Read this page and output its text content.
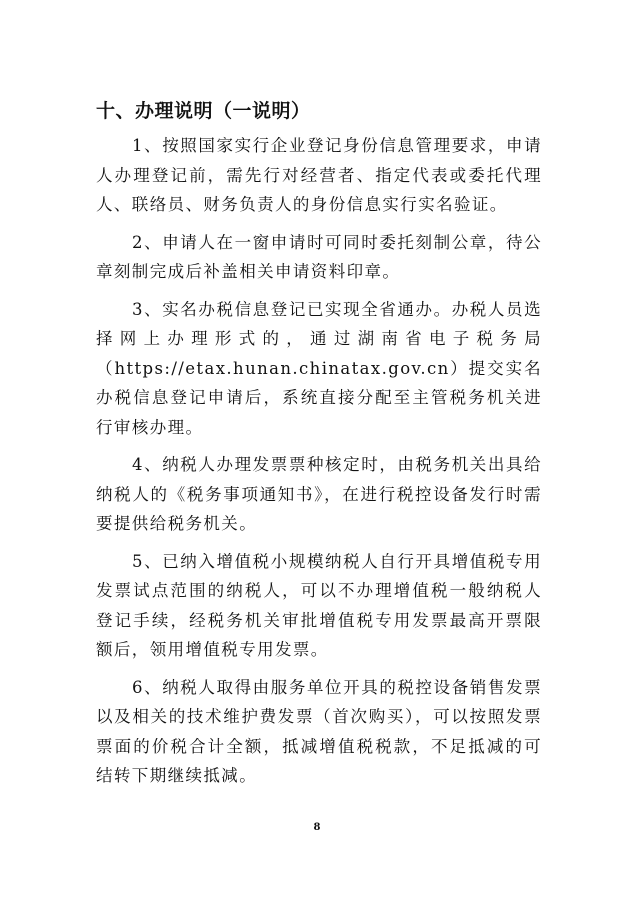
十、办理说明（一说明）

1、按照国家实行企业登记身份信息管理要求，申请人办理登记前，需先行对经营者、指定代表或委托代理人、联络员、财务负责人的身份信息实行实名验证。

2、申请人在一窗申请时可同时委托刻制公章，待公章刻制完成后补盖相关申请资料印章。

3、实名办税信息登记已实现全省通办。办税人员选择网上办理形式的，通过湖南省电子税务局（https://etax.hunan.chinatax.gov.cn）提交实名办税信息登记申请后，系统直接分配至主管税务机关进行审核办理。

4、纳税人办理发票票种核定时，由税务机关出具给纳税人的《税务事项通知书》，在进行税控设备发行时需要提供给税务机关。

5、已纳入增值税小规模纳税人自行开具增值税专用发票试点范围的纳税人，可以不办理增值税一般纳税人登记手续，经税务机关审批增值税专用发票最高开票限额后，领用增值税专用发票。

6、纳税人取得由服务单位开具的税控设备销售发票以及相关的技术维护费发票（首次购买），可以按照发票票面的价税合计全额，抵减增值税税款，不足抵减的可结转下期继续抵减。

8
